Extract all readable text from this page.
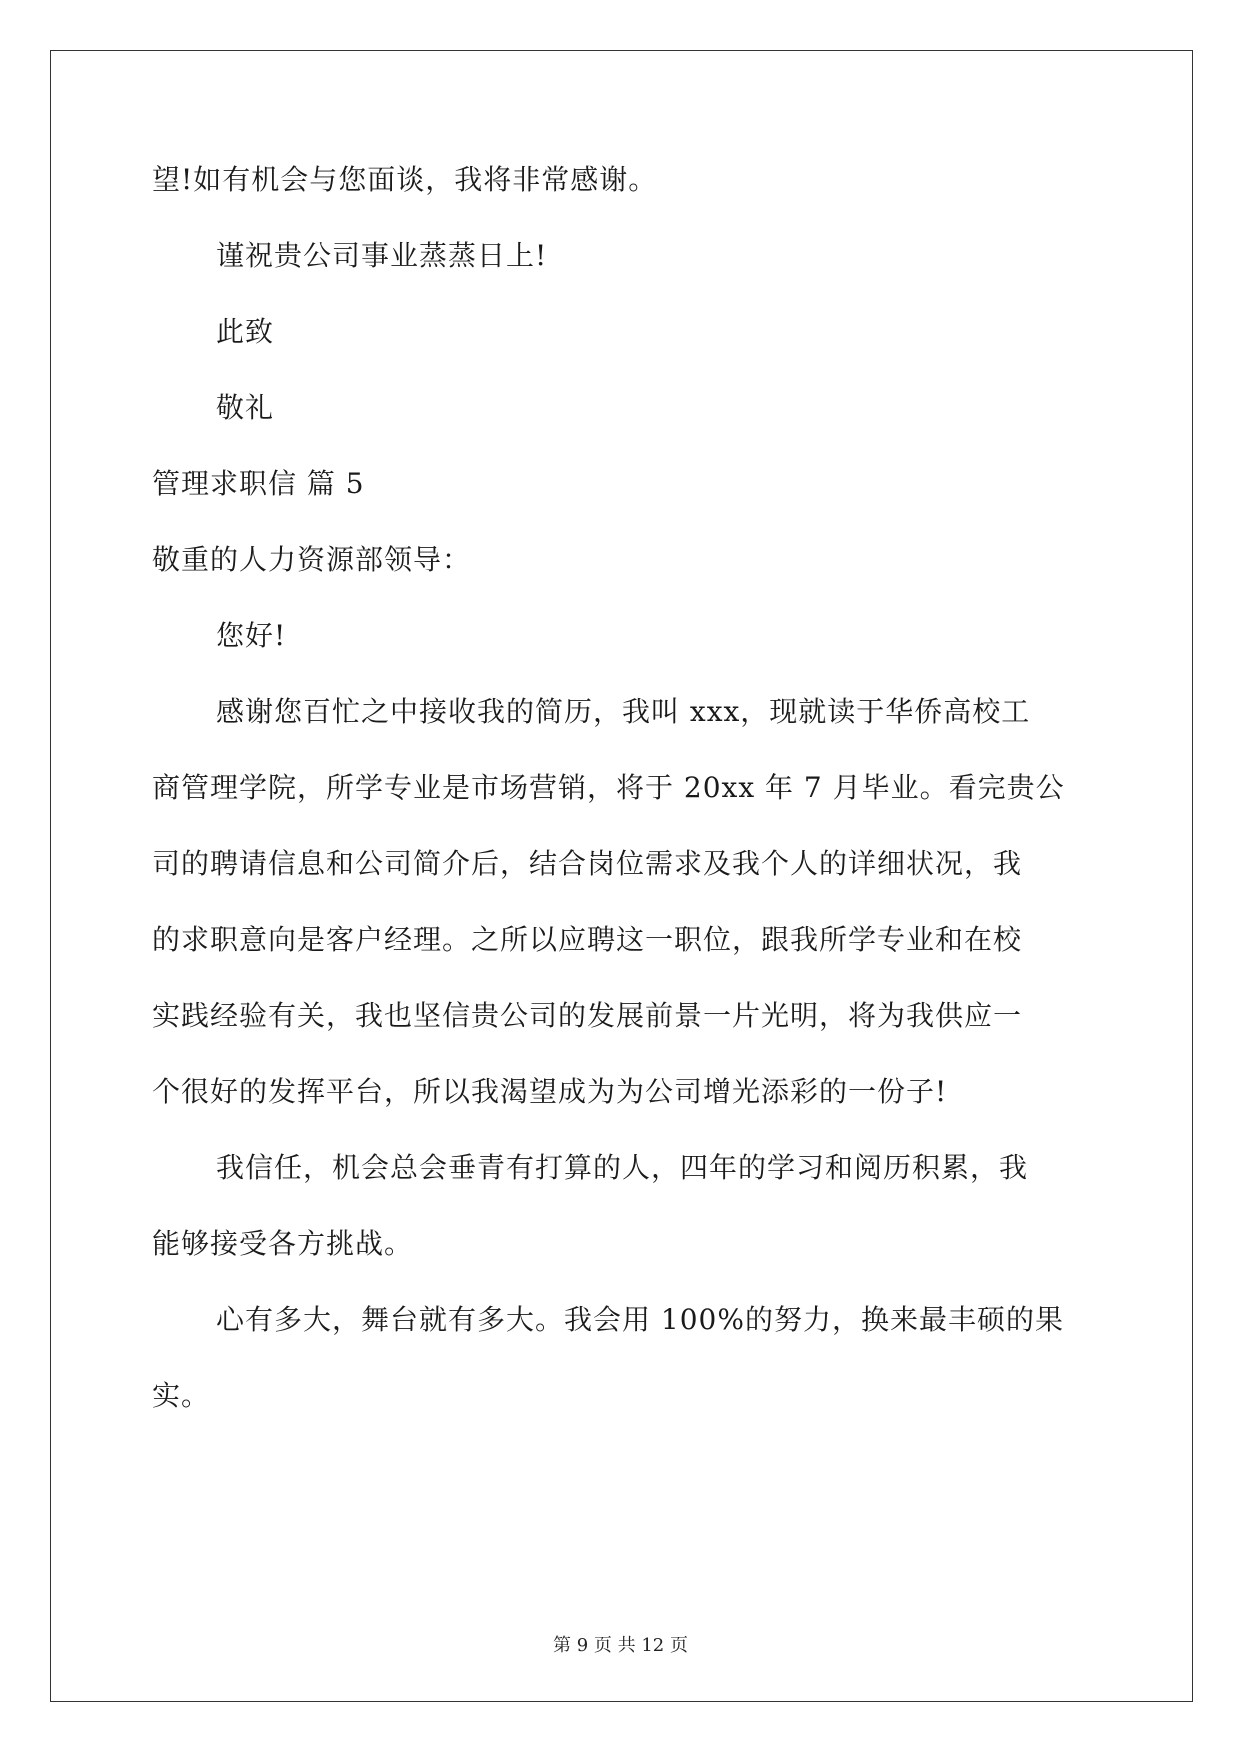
望!如有机会与您面谈，我将非常感谢。
谨祝贵公司事业蒸蒸日上!
此致
敬礼
管理求职信 篇 5
敬重的人力资源部领导：
您好!
感谢您百忙之中接收我的简历，我叫 xxx，现就读于华侨高校工
商管理学院，所学专业是市场营销，将于 20xx 年 7 月毕业。看完贵公
司的聘请信息和公司简介后，结合岗位需求及我个人的详细状况，我
的求职意向是客户经理。之所以应聘这一职位，跟我所学专业和在校
实践经验有关，我也坚信贵公司的发展前景一片光明，将为我供应一
个很好的发挥平台，所以我渴望成为为公司增光添彩的一份子!
我信任，机会总会垂青有打算的人，四年的学习和阅历积累，我
能够接受各方挑战。
心有多大，舞台就有多大。我会用 100%的努力，换来最丰硕的果
实。
第 9 页 共 12 页
